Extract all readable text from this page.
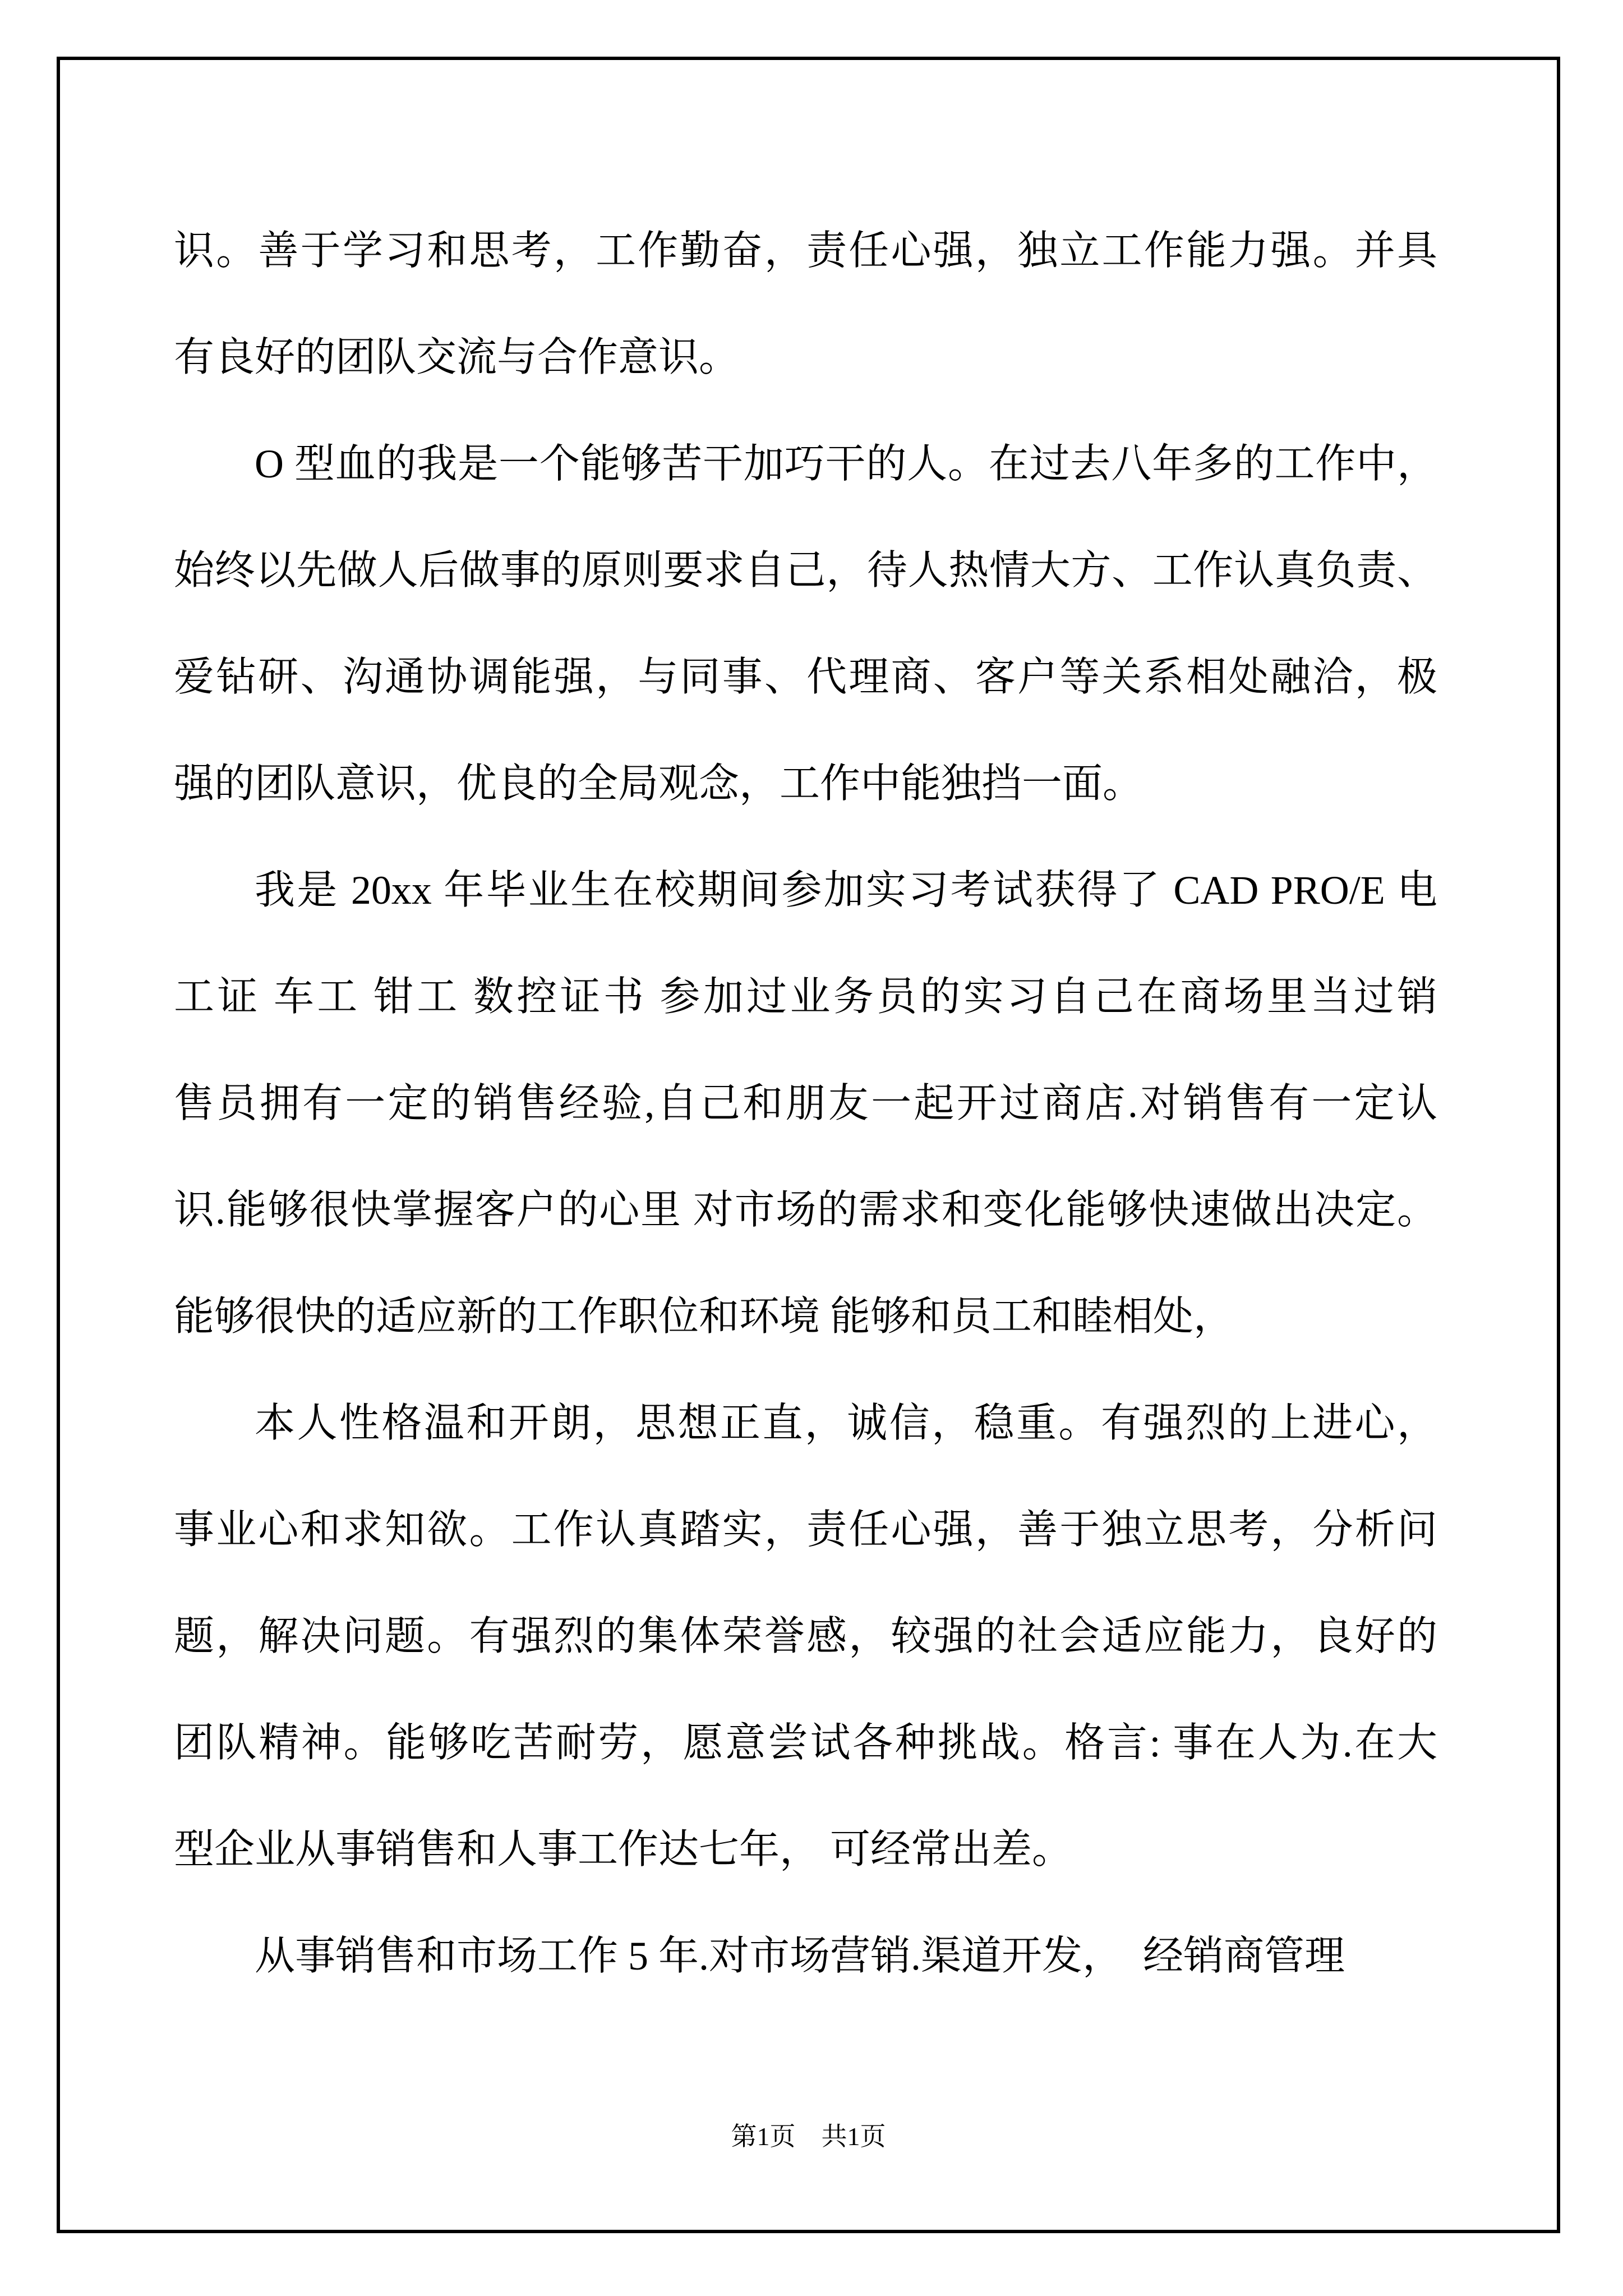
识。善于学习和思考，工作勤奋，责任心强，独立工作能力强。并具
有良好的团队交流与合作意识。
O 型血的我是一个能够苦干加巧干的人。在过去八年多的工作中，
始终以先做人后做事的原则要求自己，待人热情大方、工作认真负责、
爱钻研、沟通协调能强，与同事、代理商、客户等关系相处融洽，极
强的团队意识，优良的全局观念，工作中能独挡一面。
我是 20xx 年毕业生在校期间参加实习考试获得了 CAD PRO/E 电
工证 车工 钳工 数控证书 参加过业务员的实习自己在商场里当过销
售员拥有一定的销售经验,自己和朋友一起开过商店.对销售有一定认
识.能够很快掌握客户的心里 对市场的需求和变化能够快速做出决定。
能够很快的适应新的工作职位和环境 能够和员工和睦相处，
本人性格温和开朗，思想正直，诚信，稳重。有强烈的上进心，
事业心和求知欲。工作认真踏实，责任心强，善于独立思考，分析问
题，解决问题。有强烈的集体荣誉感，较强的社会适应能力，良好的
团队精神。能够吃苦耐劳，愿意尝试各种挑战。格言: 事在人为.在大
型企业从事销售和人事工作达七年， 可经常出差。
从事销售和市场工作 5 年.对市场营销.渠道开发，　经销商管理
第1页　共1页
